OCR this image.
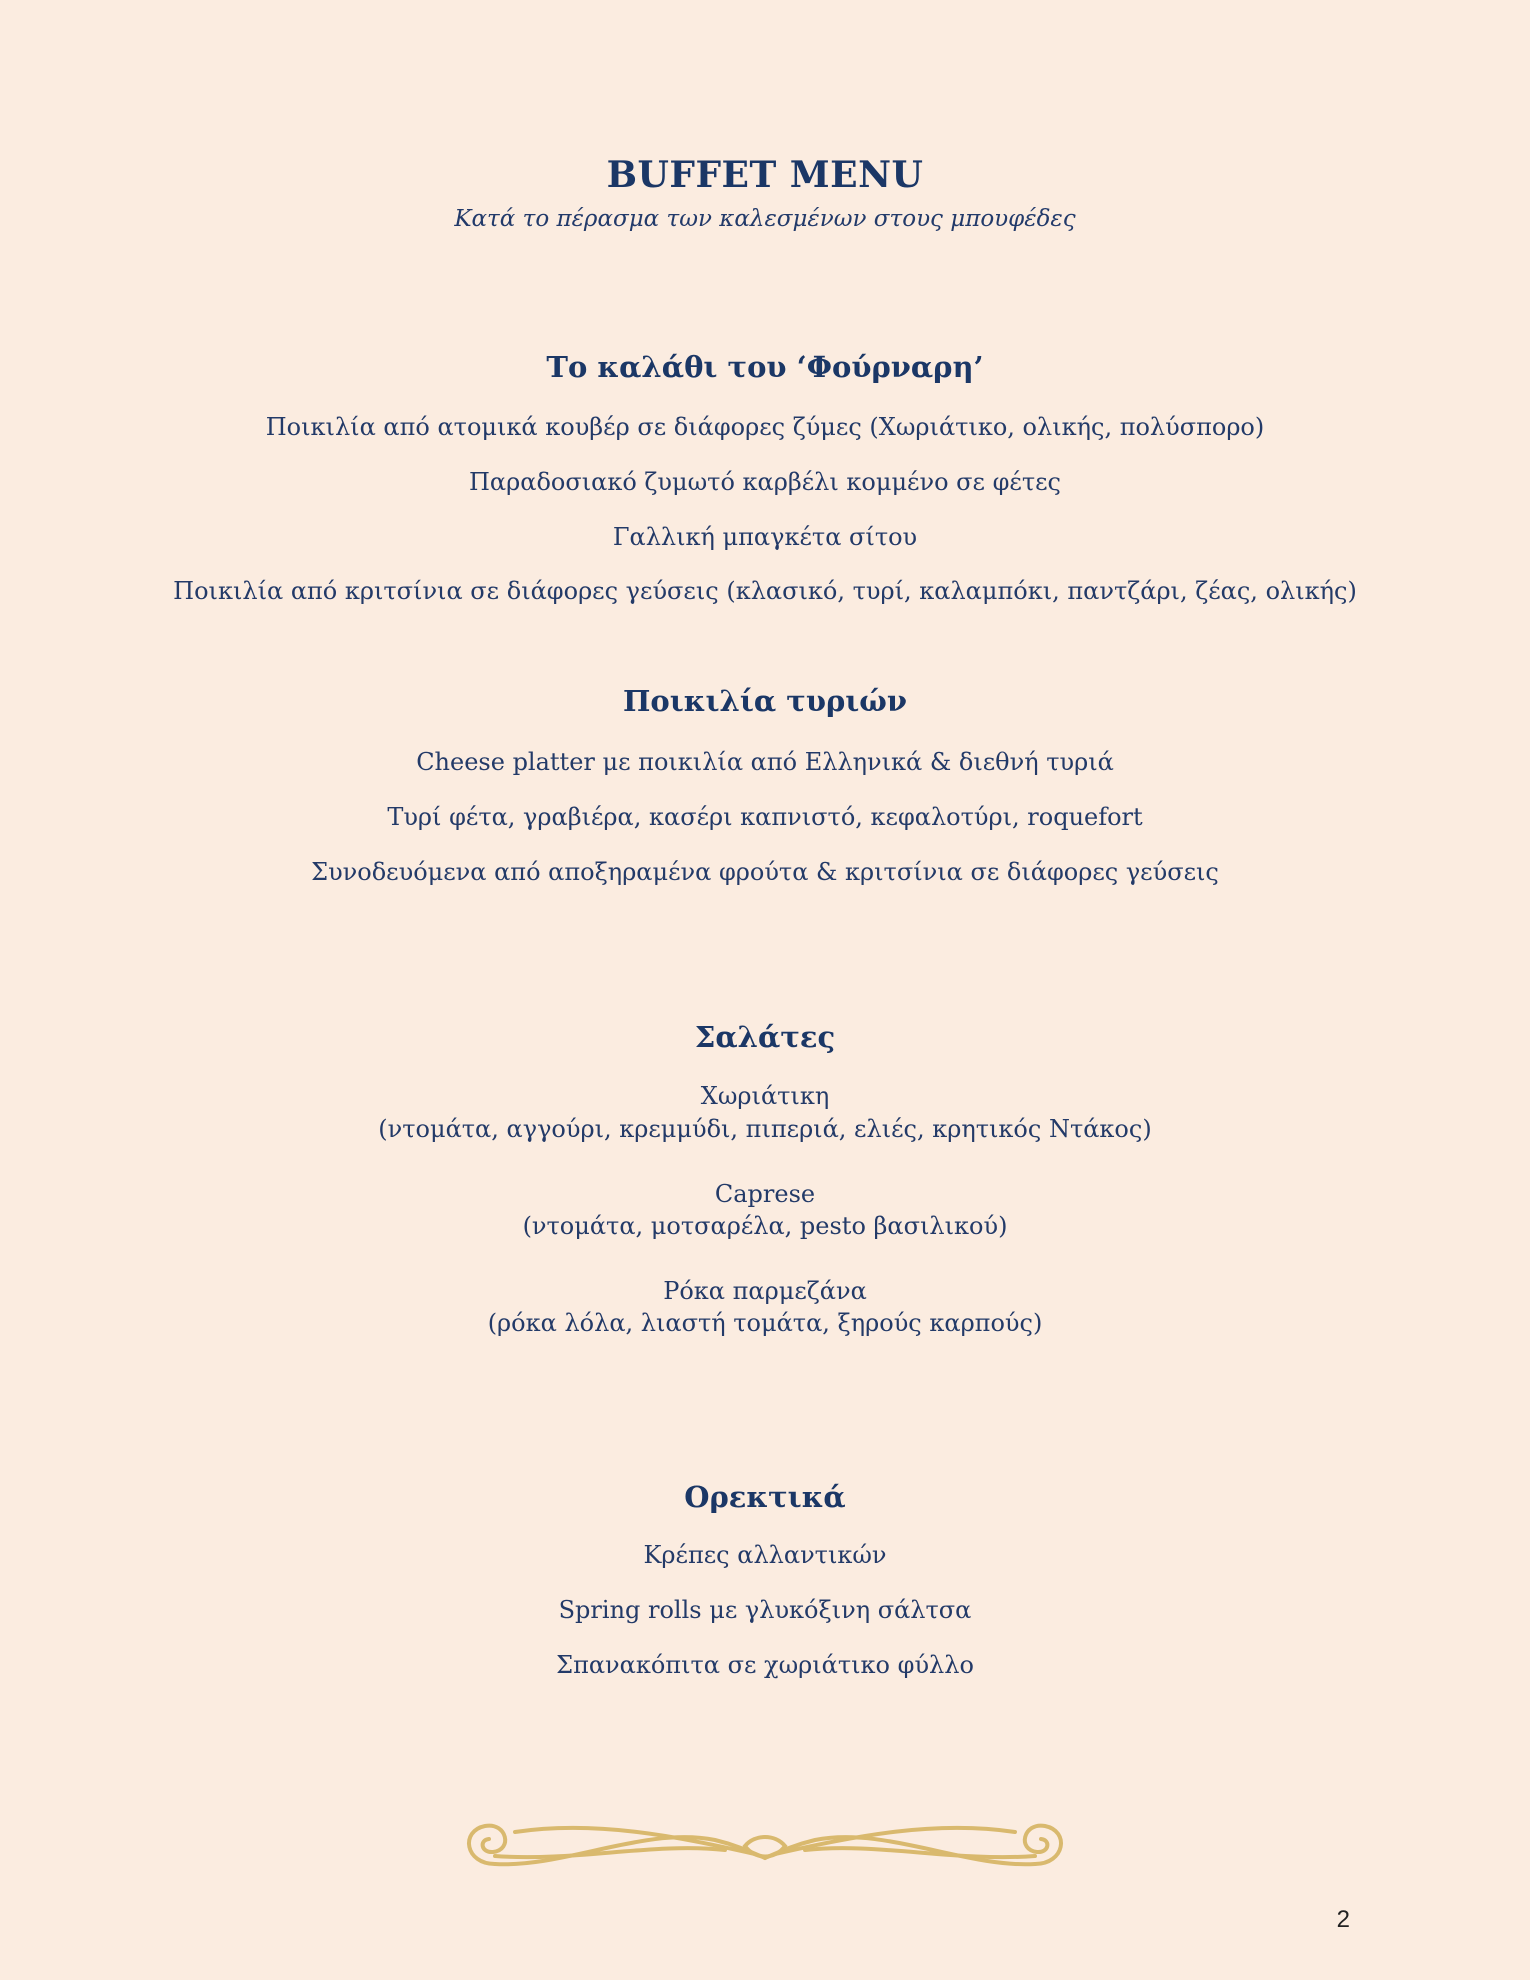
BUFFET MENU
Κατά το πέρασμα των καλεσμένων στους μπουφέδες
Το καλάθι του ‘Φούρναρη’
Ποικιλία από ατομικά κουβέρ σε διάφορες ζύμες (Χωριάτικο, ολικής, πολύσπορο)
Παραδοσιακό ζυμωτό καρβέλι κομμένο σε φέτες
Γαλλική μπαγκέτα σίτου
Ποικιλία από κριτσίνια σε διάφορες γεύσεις (κλασικό, τυρί, καλαμπόκι, παντζάρι, ζέας, ολικής)
Ποικιλία τυριών
Cheese platter με ποικιλία από Ελληνικά & διεθνή τυριά
Τυρί φέτα, γραβιέρα, κασέρι καπνιστό, κεφαλοτύρι, roquefort
Συνοδευόμενα από αποξηραμένα φρούτα & κριτσίνια σε διάφορες γεύσεις
Σαλάτες
Χωριάτικη
(ντομάτα, αγγούρι, κρεμμύδι, πιπεριά, ελιές, κρητικός Ντάκος)
Caprese
(ντομάτα, μοτσαρέλα, pesto βασιλικού)
Ρόκα παρμεζάνα
(ρόκα λόλα, λιαστή τομάτα, ξηρούς καρπούς)
Ορεκτικά
Κρέπες αλλαντικών
Spring rolls με γλυκόξινη σάλτσα
Σπανακόπιτα σε χωριάτικο φύλλο
2
